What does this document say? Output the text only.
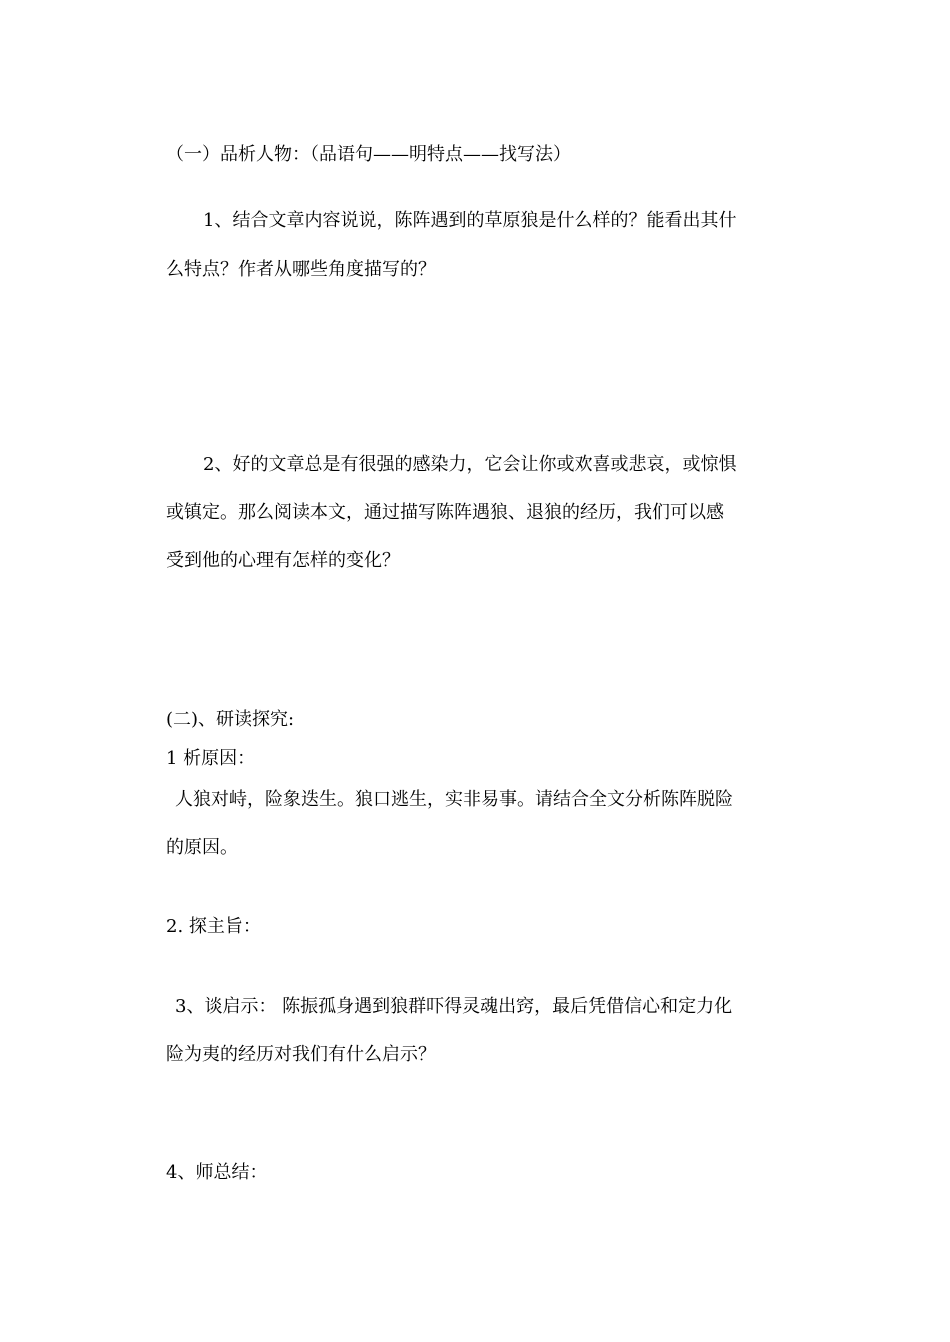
（一）品析人物：（品语句——明特点——找写法）

1、结合文章内容说说，陈阵遇到的草原狼是什么样的？能看出其什

么特点？作者从哪些角度描写的？

2、好的文章总是有很强的感染力，它会让你或欢喜或悲哀，或惊惧

或镇定。那么阅读本文，通过描写陈阵遇狼、退狼的经历，我们可以感

受到他的心理有怎样的变化？

(二)、研读探究:

1 析原因：

人狼对峙，险象迭生。狼口逃生，实非易事。请结合全文分析陈阵脱险

的原因。

2. 探主旨：

3、谈启示： 陈振孤身遇到狼群吓得灵魂出窍，最后凭借信心和定力化

险为夷的经历对我们有什么启示？

4、师总结：
